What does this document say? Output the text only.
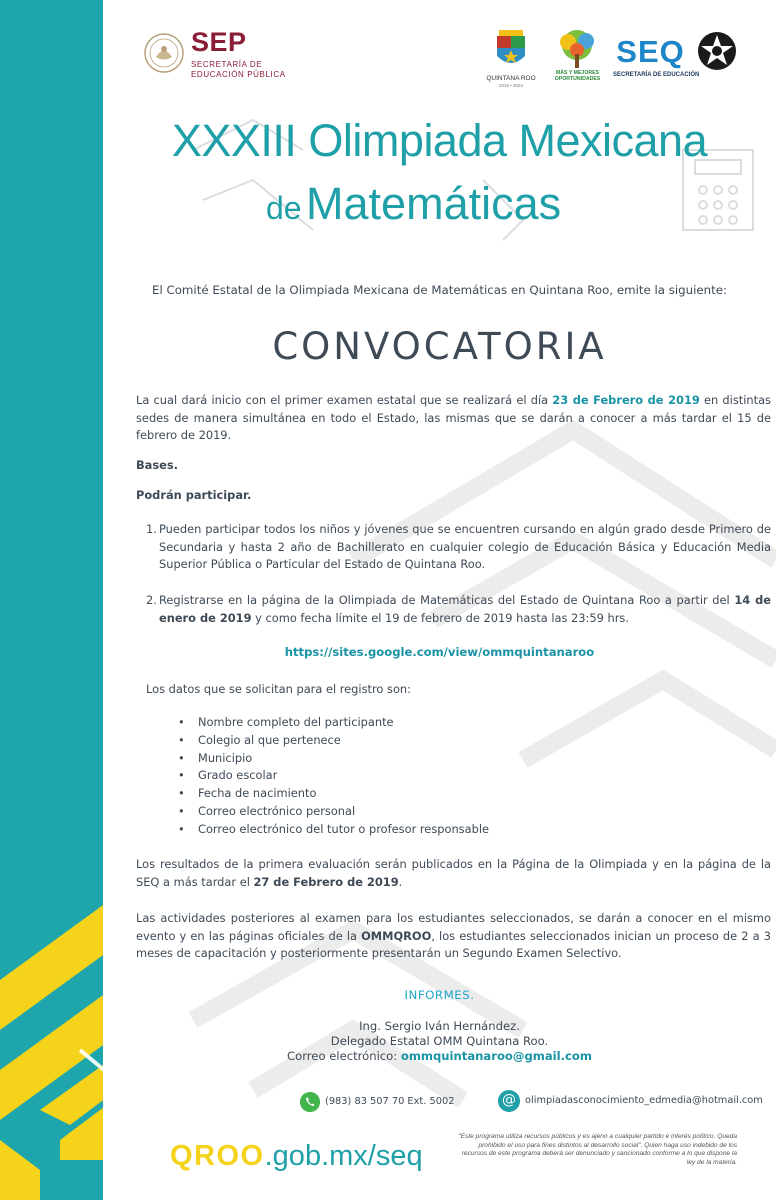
SEP
SECRETARÍA DE
EDUCACIÓN PÚBLICA	QUINTANA ROO
2016 • 2022
MÁS Y MEJORES
OPORTUNIDADES
SEQ
SECRETARÍA DE EDUCACIÓN
XXXIII Olimpiada Mexicana
de Matemáticas
El Comité Estatal de la Olimpiada Mexicana de Matemáticas en Quintana Roo, emite la siguiente:
CONVOCATORIA
La cual dará inicio con el primer examen estatal que se realizará el día 23 de Febrero de 2019 en distintas sedes de manera simultánea en todo el Estado, las mismas que se darán a conocer a más tardar el 15 de febrero de 2019.
Bases.
Podrán participar.
1. Pueden participar todos los niños y jóvenes que se encuentren cursando en algún grado desde Primero de Secundaria y hasta 2 año de Bachillerato en cualquier colegio de Educación Básica y Educación Media Superior Pública o Particular del Estado de Quintana Roo.
2. Registrarse en la página de la Olimpiada de Matemáticas del Estado de Quintana Roo a partir del 14 de enero de 2019 y como fecha límite el 19 de febrero de 2019 hasta las 23:59 hrs.
https://sites.google.com/view/ommquintanaroo
Los datos que se solicitan para el registro son:
• Nombre completo del participante
• Colegio al que pertenece
• Municipio
• Grado escolar
• Fecha de nacimiento
• Correo electrónico personal
• Correo electrónico del tutor o profesor responsable
Los resultados de la primera evaluación serán publicados en la Página de la Olimpiada y en la página de la SEQ a más tardar el 27 de Febrero de 2019.
Las actividades posteriores al examen para los estudiantes seleccionados, se darán a conocer en el mismo evento y en las páginas oficiales de la OMMQROO, los estudiantes seleccionados inician un proceso de 2 a 3 meses de capacitación y posteriormente presentarán un Segundo Examen Selectivo.
INFORMES.
Ing. Sergio Iván Hernández.
Delegado Estatal OMM Quintana Roo.
Correo electrónico: ommquintanaroo@gmail.com
(983) 83 507 70 Ext. 5002	@ olimpiadasconocimiento_edmedia@hotmail.com
QROO.gob.mx/seq
"Este programa utiliza recursos públicos y es ajeno a cualquier partido e interés político. Queda prohibido el uso para fines distintos al desarrollo social". Quien haga uso indebido de los recursos de este programa deberá ser denunciado y sancionado conforme a lo que dispone la ley de la materia.
